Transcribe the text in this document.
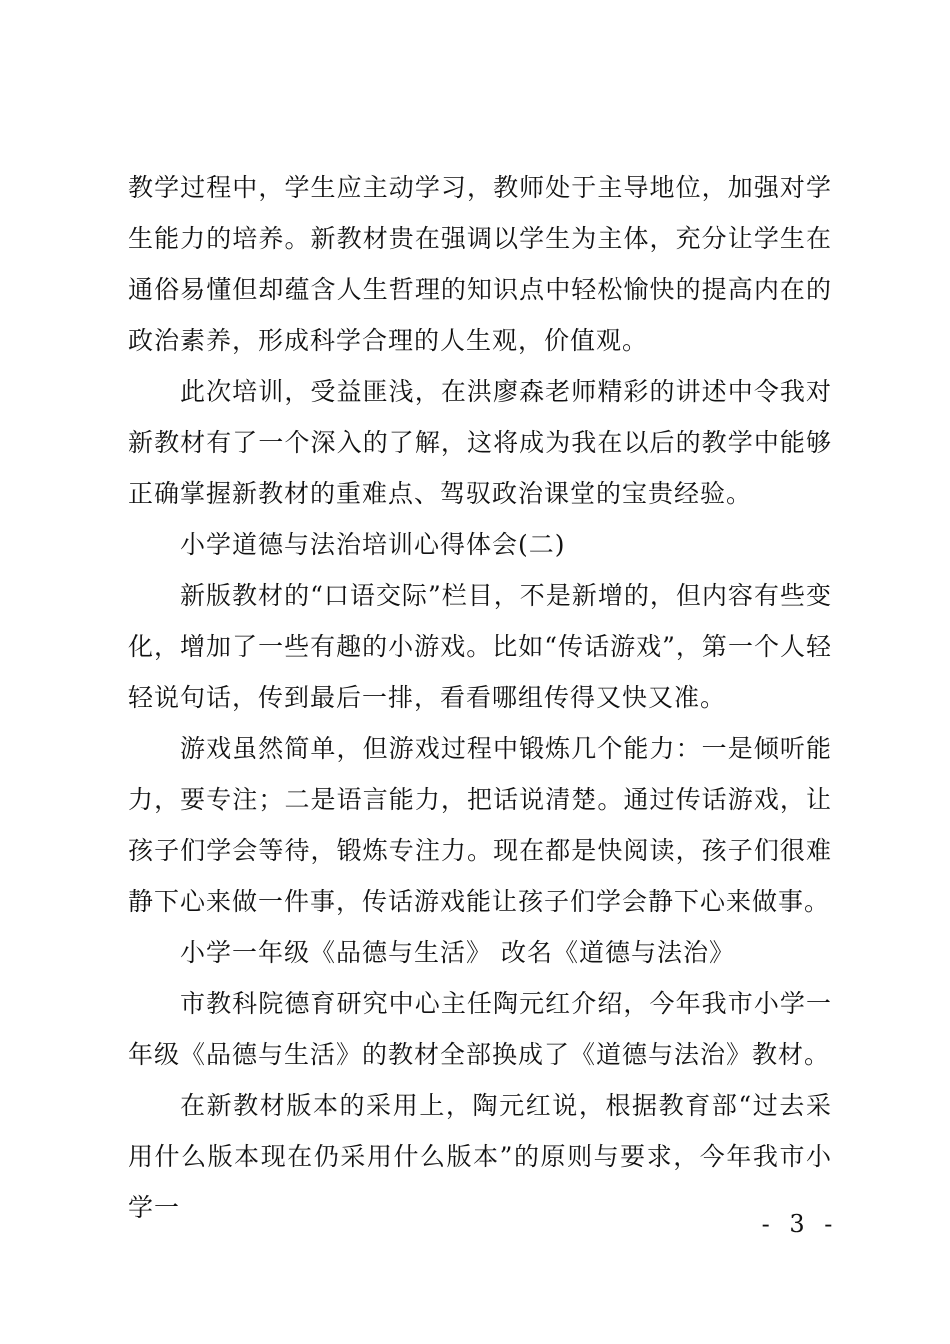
教学过程中，学生应主动学习，教师处于主导地位，加强对学生能力的培养。新教材贵在强调以学生为主体，充分让学生在通俗易懂但却蕴含人生哲理的知识点中轻松愉快的提高内在的政治素养，形成科学合理的人生观，价值观。

此次培训，受益匪浅，在洪廖森老师精彩的讲述中令我对新教材有了一个深入的了解，这将成为我在以后的教学中能够正确掌握新教材的重难点、驾驭政治课堂的宝贵经验。

小学道德与法治培训心得体会(二)

新版教材的“口语交际”栏目，不是新增的，但内容有些变化，增加了一些有趣的小游戏。比如“传话游戏”，第一个人轻轻说句话，传到最后一排，看看哪组传得又快又准。

游戏虽然简单，但游戏过程中锻炼几个能力：一是倾听能力，要专注；二是语言能力，把话说清楚。通过传话游戏，让孩子们学会等待，锻炼专注力。现在都是快阅读，孩子们很难静下心来做一件事，传话游戏能让孩子们学会静下心来做事。

小学一年级《品德与生活》 改名《道德与法治》

市教科院德育研究中心主任陶元红介绍，今年我市小学一年级《品德与生活》的教材全部换成了《道德与法治》教材。

在新教材版本的采用上，陶元红说，根据教育部“过去采用什么版本现在仍采用什么版本”的原则与要求，今年我市小学一

- 3 -
